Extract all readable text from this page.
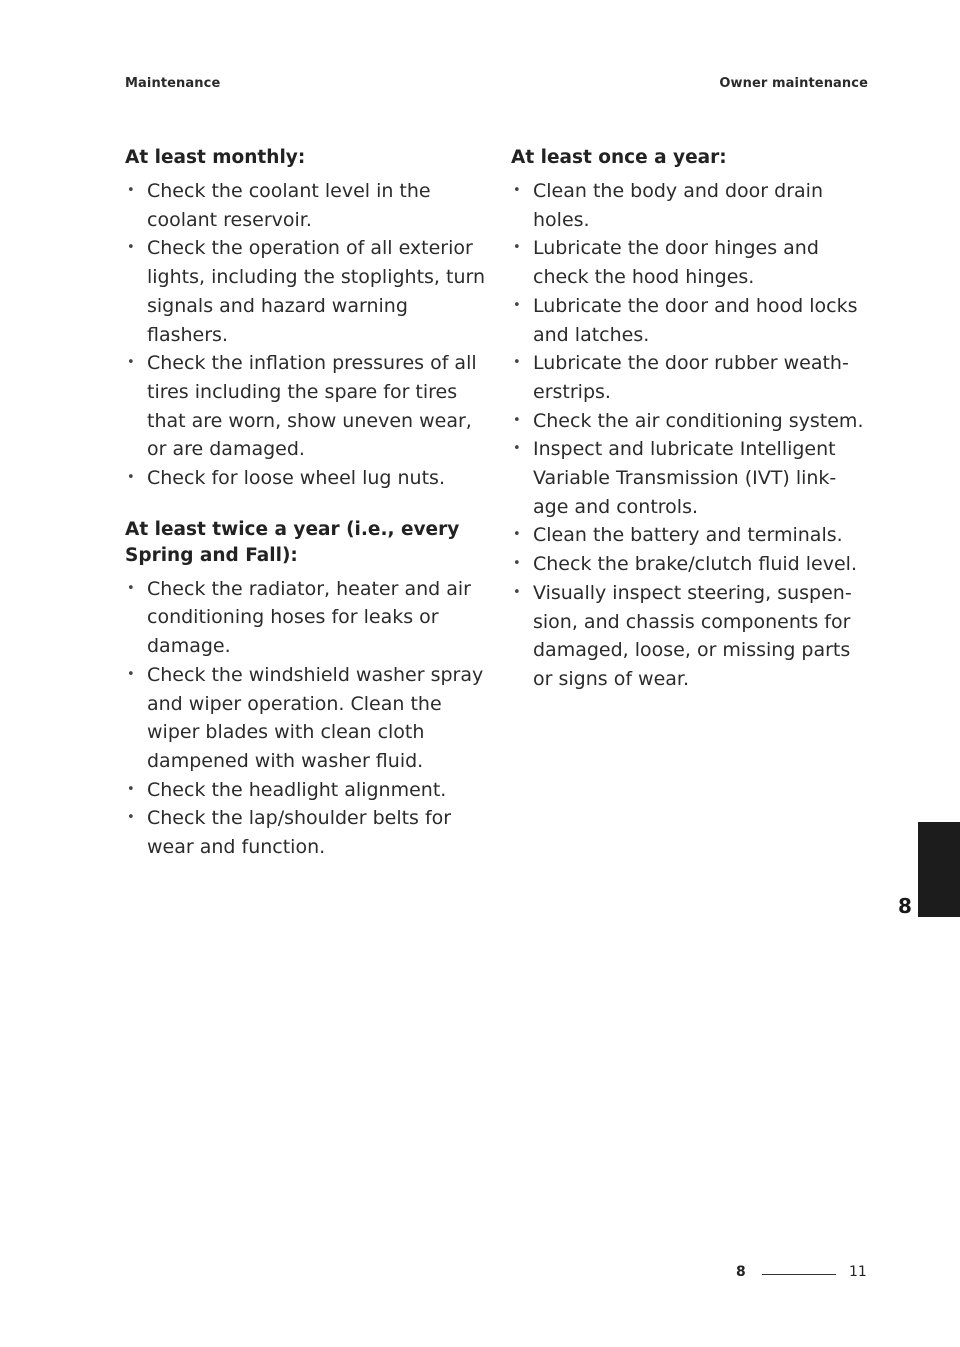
Maintenance	Owner maintenance
At least monthly:
• Check the coolant level in the coolant reservoir.
• Check the operation of all exterior lights, including the stoplights, turn signals and hazard warning flashers.
• Check the inflation pressures of all tires including the spare for tires that are worn, show uneven wear, or are damaged.
• Check for loose wheel lug nuts.
At least twice a year (i.e., every Spring and Fall):
• Check the radiator, heater and air conditioning hoses for leaks or damage.
• Check the windshield washer spray and wiper operation. Clean the wiper blades with clean cloth dampened with washer fluid.
• Check the headlight alignment.
• Check the lap/shoulder belts for wear and function.
At least once a year:
• Clean the body and door drain holes.
• Lubricate the door hinges and check the hood hinges.
• Lubricate the door and hood locks and latches.
• Lubricate the door rubber weath- erstrips.
• Check the air conditioning system.
• Inspect and lubricate Intelligent Variable Transmission (IVT) link- age and controls.
• Clean the battery and terminals.
• Check the brake/clutch fluid level.
• Visually inspect steering, suspen- sion, and chassis components for damaged, loose, or missing parts or signs of wear.
8
8	11
